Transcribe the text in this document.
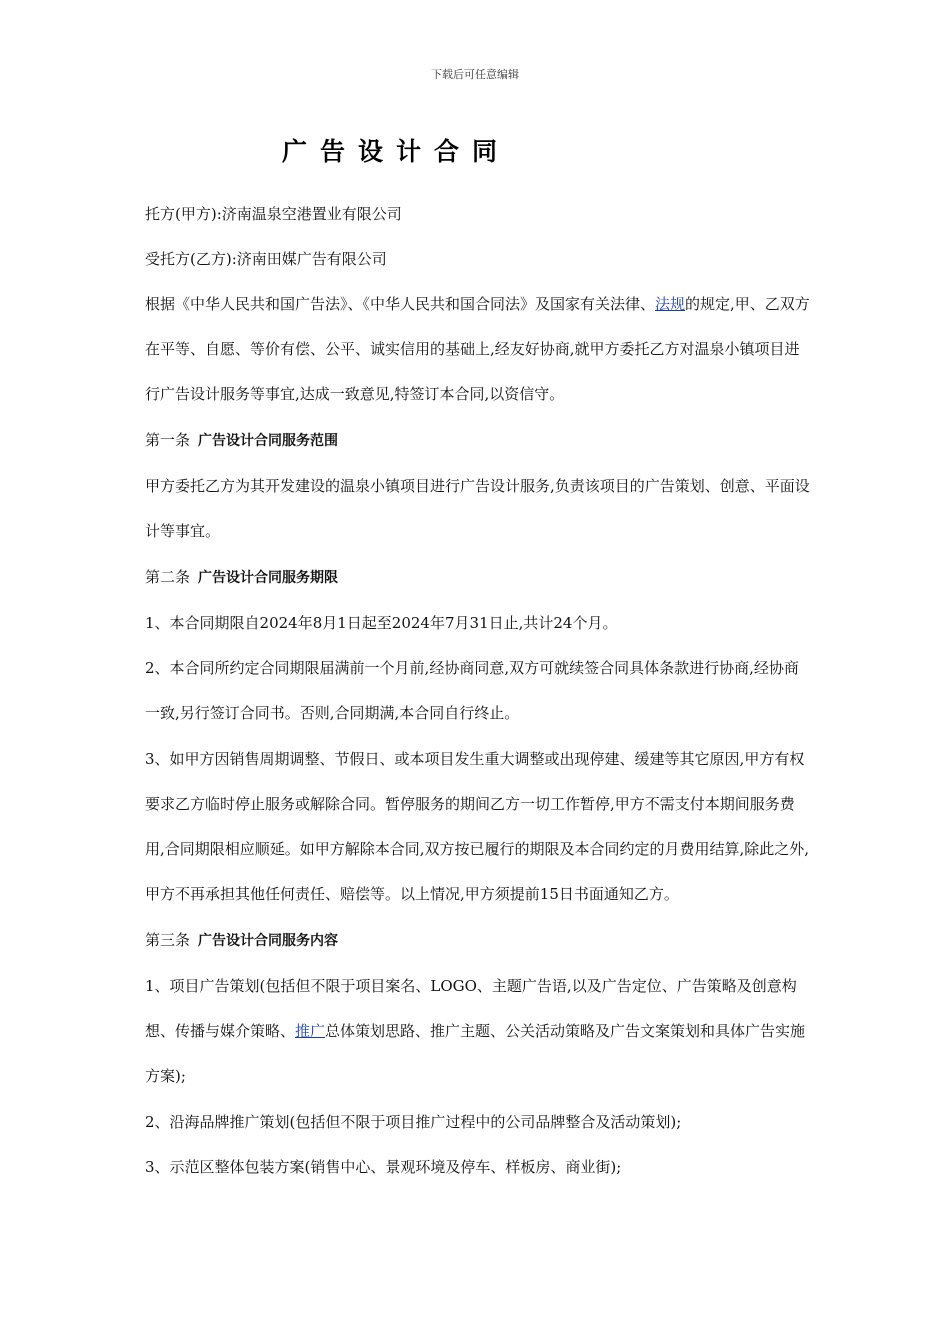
下载后可任意编辑
广告设计合同

托方(甲方):济南温泉空港置业有限公司

受托方(乙方):济南田媒广告有限公司

根据《中华人民共和国广告法》、《中华人民共和国合同法》及国家有关法律、法规的规定,甲、乙双方在平等、自愿、等价有偿、公平、诚实信用的基础上,经友好协商,就甲方委托乙方对温泉小镇项目进行广告设计服务等事宜,达成一致意见,特签订本合同,以资信守。

第一条 广告设计合同服务范围

甲方委托乙方为其开发建设的温泉小镇项目进行广告设计服务,负责该项目的广告策划、创意、平面设计等事宜。

第二条 广告设计合同服务期限

1、本合同期限自2024年8月1日起至2024年7月31日止,共计24个月。

2、本合同所约定合同期限届满前一个月前,经协商同意,双方可就续签合同具体条款进行协商,经协商一致,另行签订合同书。否则,合同期满,本合同自行终止。

3、如甲方因销售周期调整、节假日、或本项目发生重大调整或出现停建、缓建等其它原因,甲方有权要求乙方临时停止服务或解除合同。暂停服务的期间乙方一切工作暂停,甲方不需支付本期间服务费用,合同期限相应顺延。如甲方解除本合同,双方按已履行的期限及本合同约定的月费用结算,除此之外,甲方不再承担其他任何责任、赔偿等。以上情况,甲方须提前15日书面通知乙方。

第三条 广告设计合同服务内容

1、项目广告策划(包括但不限于项目案名、LOGO、主题广告语,以及广告定位、广告策略及创意构想、传播与媒介策略、推广总体策划思路、推广主题、公关活动策略及广告文案策划和具体广告实施方案);

2、沿海品牌推广策划(包括但不限于项目推广过程中的公司品牌整合及活动策划);

3、示范区整体包装方案(销售中心、景观环境及停车、样板房、商业街);
